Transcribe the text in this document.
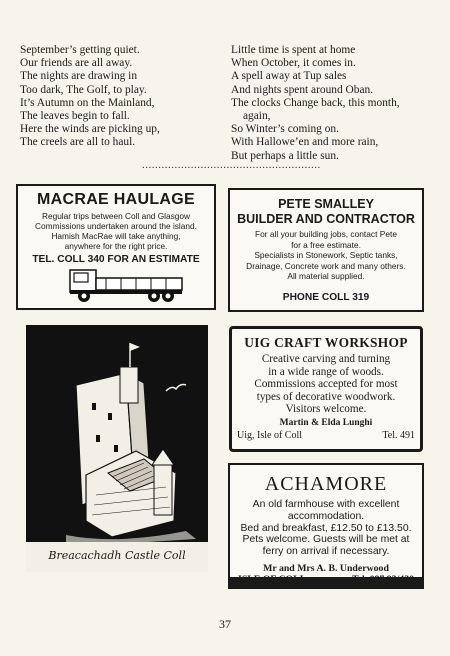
September’s getting quiet.
Our friends are all away.
The nights are drawing in
Too dark, The Golf, to play.
It’s Autumn on the Mainland,
The leaves begin to fall.
Here the winds are picking up,
The creels are all to haul.
Little time is spent at home
When October, it comes in.
A spell away at Tup sales
And nights spent around Oban.
The clocks Change back, this month,
again,
So Winter’s coming on.
With Hallowe’en and more rain,
But perhaps a little sun.
.......................................................
MACRAE HAULAGE
Regular trips between Coll and Glasgow
Commissions undertaken around the island.
Hamish MacRae will take anything,
anywhere for the right price.
TEL. COLL 340 FOR AN ESTIMATE
PETE SMALLEY
BUILDER AND CONTRACTOR
For all your building jobs, contact Pete
for a free estimate.
Specialists in Stonework, Septic tanks,
Drainage, Concrete work and many others.
All material supplied.
PHONE COLL 319
Breacachadh Castle Coll
UIG CRAFT WORKSHOP
Creative carving and turning
in a wide range of woods.
Commissions accepted for most
types of decorative woodwork.
Visitors welcome.
Martin & Elda Lunghi
Uig, Isle of Coll	Tel. 491
ACHAMORE
An old farmhouse with excellent
accommodation.
Bed and breakfast, £12.50 to £13.50.
Pets welcome. Guests will be met at
ferry on arrival if necessary.
Mr and Mrs A. B. Underwood
37
